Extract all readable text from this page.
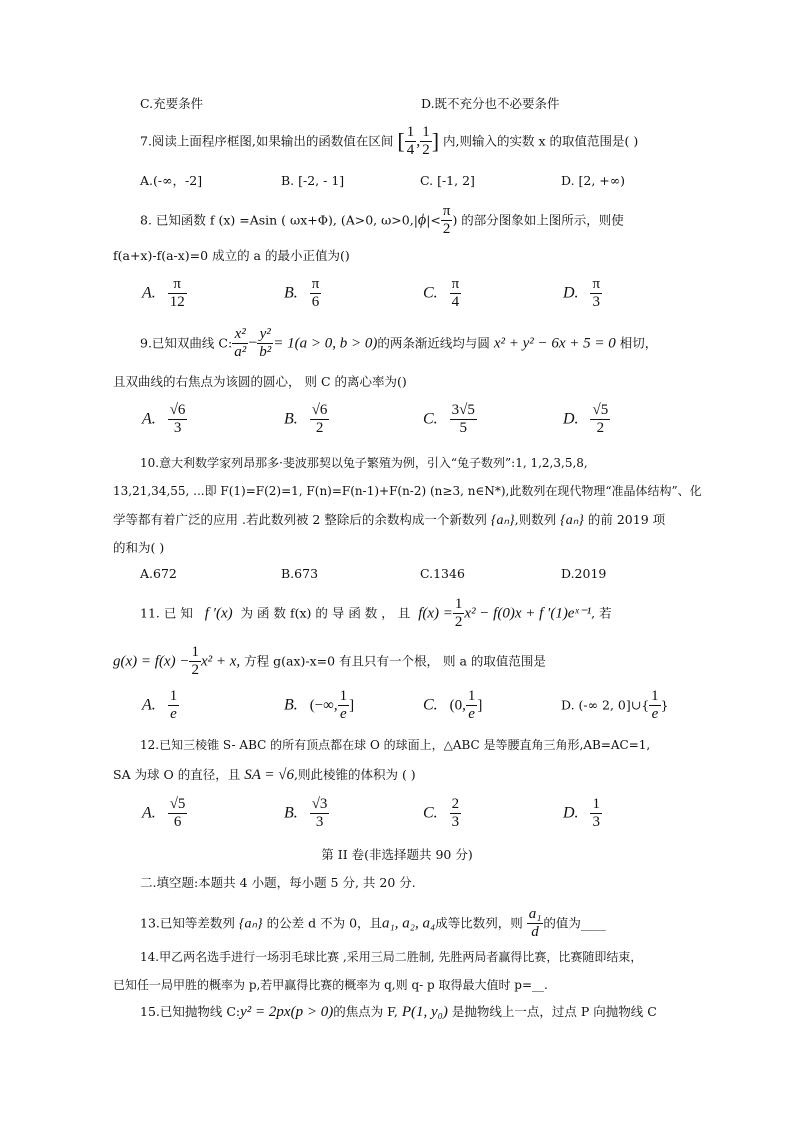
C.充要条件	D.既不充分也不必要条件
7.阅读上面程序框图,如果输出的函数值在区间 [ $\frac{1}{4}$ , $\frac{1}{2}$ ] 内,则输入的实数 x 的取值范围是( )
A.(-∞，-2]	B. [-2, - 1]	C. [-1, 2]	D. [2, +∞)
8. 已知函数 f (x) =Asin ( ωx+Φ), (A>0, $\omega>0,|\phi|< \frac{\pi}{2}$ ) 的部分图象如上图所示，则使
f(a+x)-f(a-x)=0 成立的 a 的最小正值为()
A. $\frac{\pi}{12}$	B. $\frac{\pi}{6}$	C. $\frac{\pi}{4}$	D. $\frac{\pi}{3}$
9.已知双曲线 C: $\frac{\text{x²}}{\text{a²}} - \frac{\text{y²}}{\text{b²}} = 1(a > 0$, b > 0)的两条渐近线均与圆 x² + y² − 6x + 5 = 0 相切，
且双曲线的右焦点为该圆的圆心， 则 C 的离心率为()
A. $\frac{√6}{3}$	B. $\frac{√6}{2}$	C. $\frac{3√5}{5}$	D. $\frac{√5}{2}$
10.意大利数学家列昂那多·斐波那契以兔子繁殖为例，引入“兔子数列”:1, 1,2,3,5,8,
13,21,34,55, ...即 F(1)=F(2)=1, F(n)=F(n-1)+F(n-2) (n≥3, n∈N*),此数列在现代物理“准晶体结构”、化
学等都有着广泛的应用 .若此数列被 2 整除后的余数构成一个新数列 {aₙ},则数列 {aₙ} 的前 2019 项
的和为( )
A.672	B.673	C.1346	D.2019
11. 已 知 f ′(x) 为 函 数 f(x) 的 导 函 数 ， 且 $f(x) = \frac{1}{2} x^2 - f(0)x + f$ ′(1)eˣ⁻¹, 若
$g(x) = f(x) - \frac{1}{2} x^2 + x$, 方程 g(ax)-x=0 有且只有一个根， 则 a 的取值范围是
A. $\frac{1}{e}$	B. (−∞, $\frac{1}{e}$ ]	C. (0, $\frac{1}{e}$ ]	D. (-∞ 2, 0]∪{ $\frac{1}{e}$ }
12.已知三棱锥 S- ABC 的所有顶点都在球 O 的球面上，△ABC 是等腰直角三角形,AB=AC=1,
SA 为球 O 的直径，且 SA = √6,则此棱锥的体积为 ( )
A. $\frac{√5}{6}$	B. $\frac{√3}{3}$	C. $\frac{2}{3}$	D. $\frac{1}{3}$
第 II 卷(非选择题共 90 分)
二.填空题:本题共 4 小题，每小题 5 分, 共 20 分.
13.已知等差数列 {aₙ} 的公差 d 不为 0，且a₁, a₂, a₄成等比数列，则 $\frac{\text{a₁}}{d}$ 的值为____
14.甲乙两名选手进行一场羽毛球比赛 ,采用三局二胜制, 先胜两局者赢得比赛，比赛随即结束，
已知任一局甲胜的概率为 p,若甲赢得比赛的概率为 q,则 q- p 取得最大值时 p=__.
15.已知抛物线 C:y² = 2px(p > 0)的焦点为 F, P(1, y₀) 是抛物线上一点，过点 P 向抛物线 C
